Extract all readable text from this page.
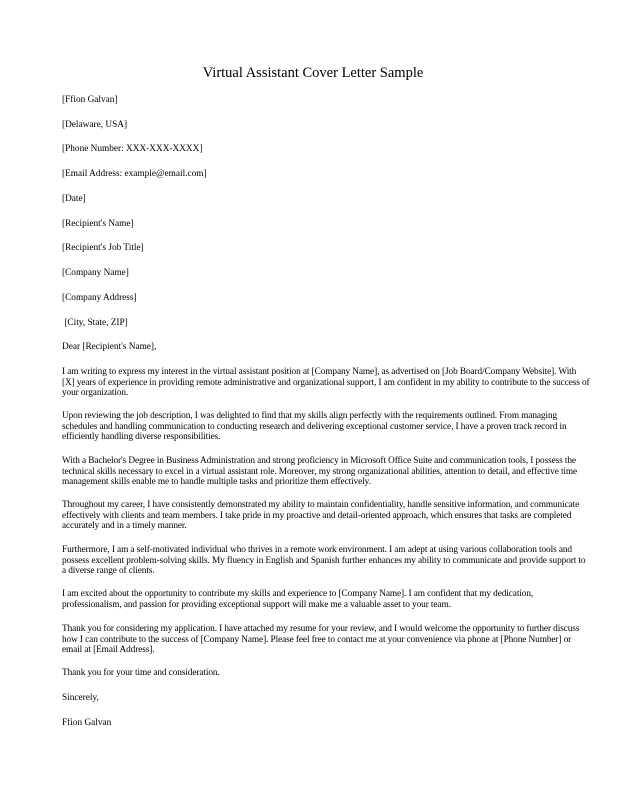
Virtual Assistant Cover Letter Sample
[Ffion Galvan]
[Delaware, USA]
[Phone Number: XXX-XXX-XXXX]
[Email Address: example@email.com]
[Date]
[Recipient's Name]
[Recipient's Job Title]
[Company Name]
[Company Address]
[City, State, ZIP]
Dear [Recipient's Name],
I am writing to express my interest in the virtual assistant position at [Company Name], as advertised on [Job Board/Company Website]. With
[X] years of experience in providing remote administrative and organizational support, I am confident in my ability to contribute to the success of
your organization.
Upon reviewing the job description, I was delighted to find that my skills align perfectly with the requirements outlined. From managing
schedules and handling communication to conducting research and delivering exceptional customer service, I have a proven track record in
efficiently handling diverse responsibilities.
With a Bachelor's Degree in Business Administration and strong proficiency in Microsoft Office Suite and communication tools, I possess the
technical skills necessary to excel in a virtual assistant role. Moreover, my strong organizational abilities, attention to detail, and effective time
management skills enable me to handle multiple tasks and prioritize them effectively.
Throughout my career, I have consistently demonstrated my ability to maintain confidentiality, handle sensitive information, and communicate
effectively with clients and team members. I take pride in my proactive and detail-oriented approach, which ensures that tasks are completed
accurately and in a timely manner.
Furthermore, I am a self-motivated individual who thrives in a remote work environment. I am adept at using various collaboration tools and
possess excellent problem-solving skills. My fluency in English and Spanish further enhances my ability to communicate and provide support to
a diverse range of clients.
I am excited about the opportunity to contribute my skills and experience to [Company Name]. I am confident that my dedication,
professionalism, and passion for providing exceptional support will make me a valuable asset to your team.
Thank you for considering my application. I have attached my resume for your review, and I would welcome the opportunity to further discuss
how I can contribute to the success of [Company Name]. Please feel free to contact me at your convenience via phone at [Phone Number] or
email at [Email Address].
Thank you for your time and consideration.
Sincerely,
Ffion Galvan
